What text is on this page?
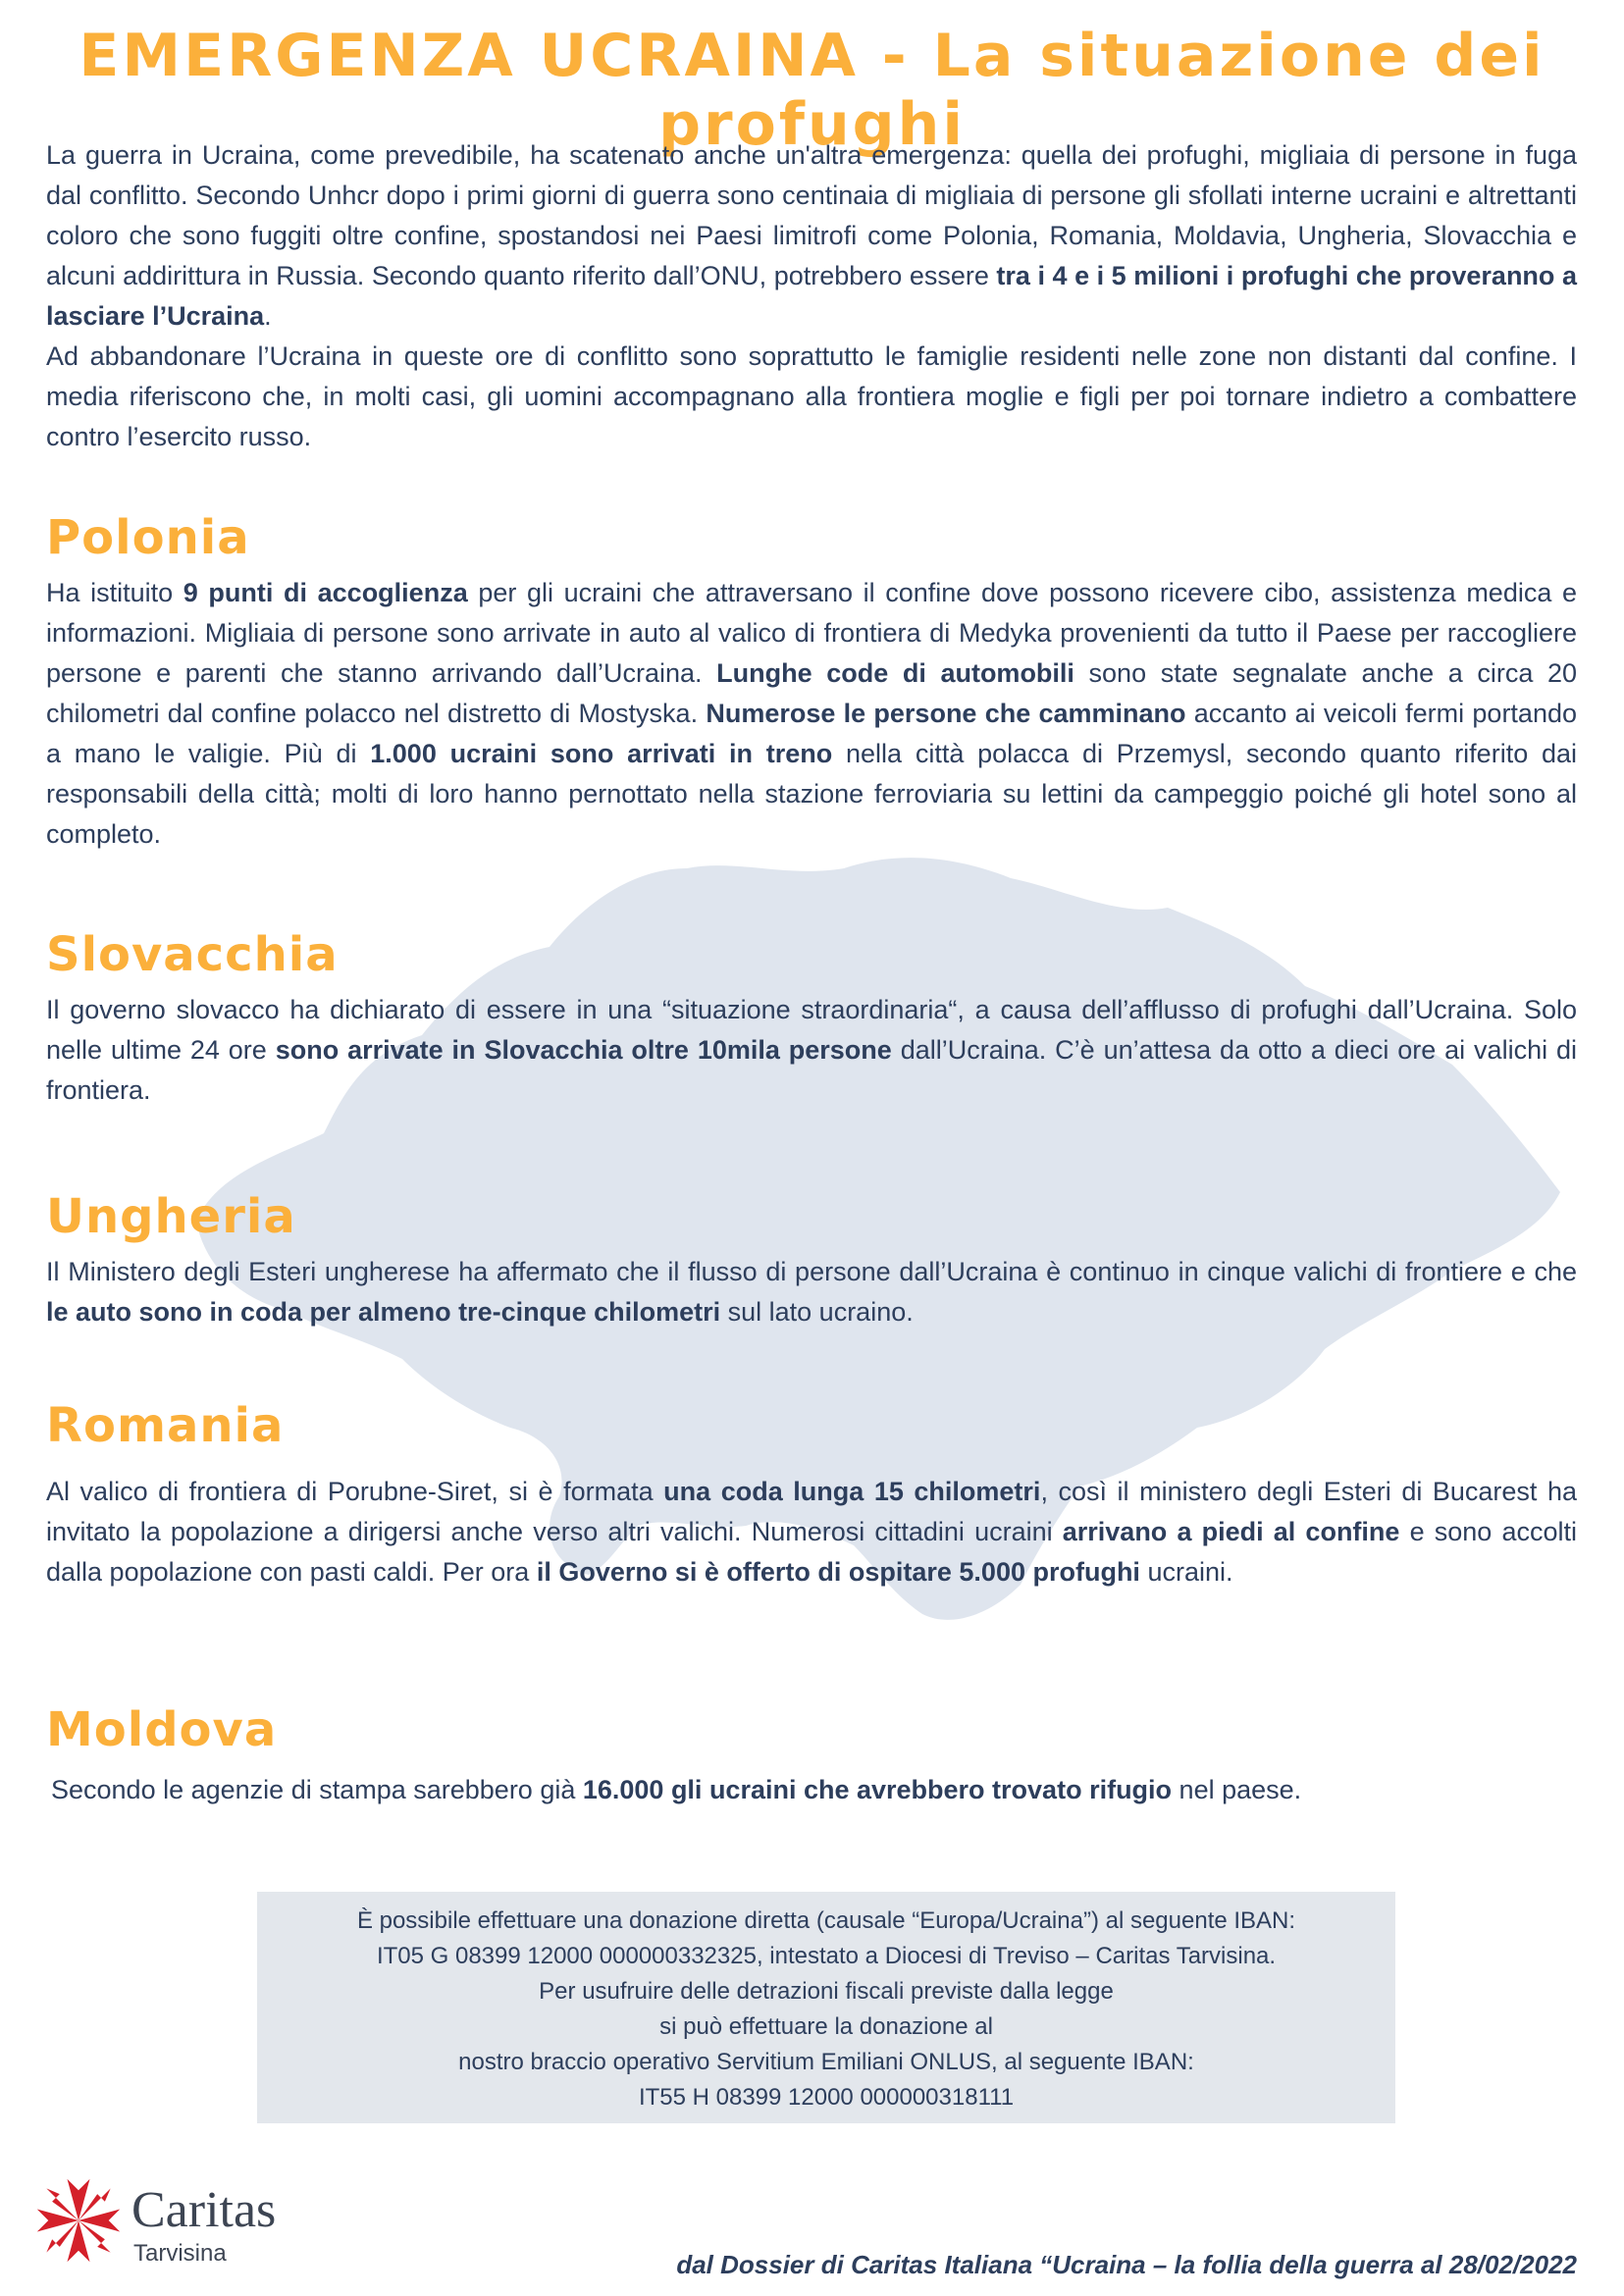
EMERGENZA UCRAINA - La situazione dei profughi

La guerra in Ucraina, come prevedibile, ha scatenato anche un'altra emergenza: quella dei profughi, migliaia di persone in fuga dal conflitto. Secondo Unhcr dopo i primi giorni di guerra sono centinaia di migliaia di persone gli sfollati interne ucraini e altrettanti coloro che sono fuggiti oltre confine, spostandosi nei Paesi limitrofi come Polonia, Romania, Moldavia, Ungheria, Slovacchia e alcuni addirittura in Russia. Secondo quanto riferito dall’ONU, potrebbero essere tra i 4 e i 5 milioni i profughi che proveranno a lasciare l’Ucraina.

Ad abbandonare l’Ucraina in queste ore di conflitto sono soprattutto le famiglie residenti nelle zone non distanti dal confine. I media riferiscono che, in molti casi, gli uomini accompagnano alla frontiera moglie e figli per poi tornare indietro a combattere contro l’esercito russo.

Polonia

Ha istituito 9 punti di accoglienza per gli ucraini che attraversano il confine dove possono ricevere cibo, assistenza medica e informazioni. Migliaia di persone sono arrivate in auto al valico di frontiera di Medyka provenienti da tutto il Paese per raccogliere persone e parenti che stanno arrivando dall’Ucraina. Lunghe code di automobili sono state segnalate anche a circa 20 chilometri dal confine polacco nel distretto di Mostyska. Numerose le persone che camminano accanto ai veicoli fermi portando a mano le valigie. Più di 1.000 ucraini sono arrivati in treno nella città polacca di Przemysl, secondo quanto riferito dai responsabili della città; molti di loro hanno pernottato nella stazione ferroviaria su lettini da campeggio poiché gli hotel sono al completo.

Slovacchia

Il governo slovacco ha dichiarato di essere in una “situazione straordinaria“, a causa dell’afflusso di profughi dall’Ucraina. Solo nelle ultime 24 ore sono arrivate in Slovacchia oltre 10mila persone dall’Ucraina. C’è un’attesa da otto a dieci ore ai valichi di frontiera.

Ungheria

Il Ministero degli Esteri ungherese ha affermato che il flusso di persone dall’Ucraina è continuo in cinque valichi di frontiere e che le auto sono in coda per almeno tre-cinque chilometri sul lato ucraino.

Romania

Al valico di frontiera di Porubne-Siret, si è formata una coda lunga 15 chilometri, così il ministero degli Esteri di Bucarest ha invitato la popolazione a dirigersi anche verso altri valichi. Numerosi cittadini ucraini arrivano a piedi al confine e sono accolti dalla popolazione con pasti caldi. Per ora il Governo si è offerto di ospitare 5.000 profughi ucraini.

Moldova

Secondo le agenzie di stampa sarebbero già 16.000 gli ucraini che avrebbero trovato rifugio nel paese.

È possibile effettuare una donazione diretta (causale “Europa/Ucraina”) al seguente IBAN:
IT05 G 08399 12000 000000332325, intestato a Diocesi di Treviso – Caritas Tarvisina.
Per usufruire delle detrazioni fiscali previste dalla legge
si può effettuare la donazione al
nostro braccio operativo Servitium Emiliani ONLUS, al seguente IBAN:
IT55 H 08399 12000 000000318111

Caritas

Tarvisina	dal Dossier di Caritas Italiana “Ucraina – la follia della guerra al 28/02/2022
